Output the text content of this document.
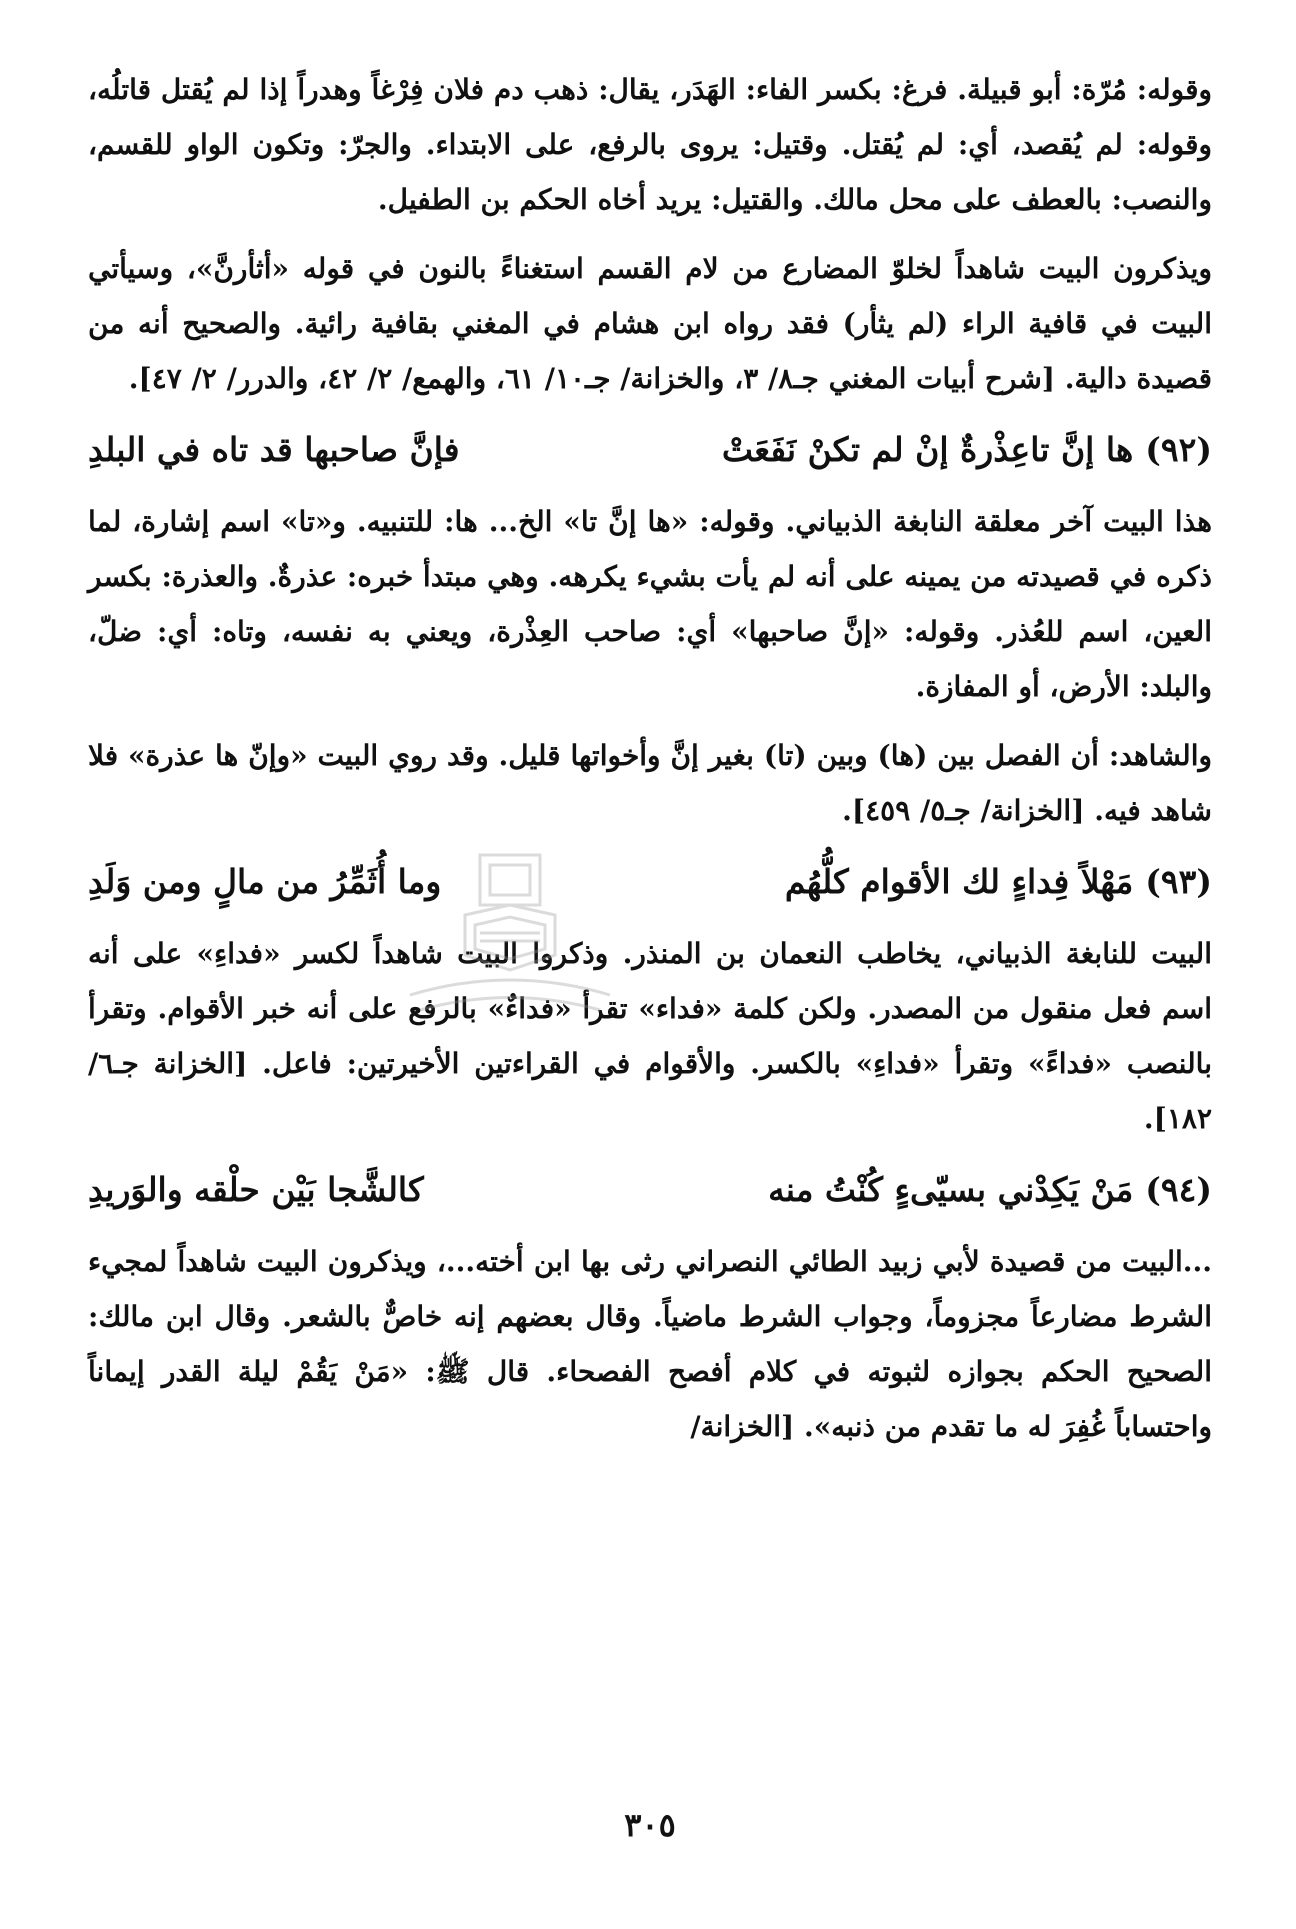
وقوله: مُرّة: أبو قبيلة. فرغ: بكسر الفاء: الهَدَر، يقال: ذهب دم فلان فِرْغاً وهدراً إذا لم يُقتل قاتلُه، وقوله: لم يُقصد، أي: لم يُقتل. وقتيل: يروى بالرفع، على الابتداء. والجرّ: وتكون الواو للقسم، والنصب: بالعطف على محل مالك. والقتيل: يريد أخاه الحكم بن الطفيل.

ويذكرون البيت شاهداً لخلوّ المضارع من لام القسم استغناءً بالنون في قوله «أثأرنَّ»، وسيأتي البيت في قافية الراء (لم يثأر) فقد رواه ابن هشام في المغني بقافية رائية. والصحيح أنه من قصيدة دالية. [شرح أبيات المغني جـ٨/ ٣، والخزانة/ جـ١٠/ ٦١، والهمع/ ٢/ ٤٢، والدرر/ ٢/ ٤٧].

(٩٢)
ها إنَّ تاعِذْرةٌ إنْ لم تكنْ نَفَعَتْ
فإنَّ صاحبها قد تاه في البلدِ

هذا البيت آخر معلقة النابغة الذبياني. وقوله: «ها إنَّ تا» الخ... ها: للتنبيه. و«تا» اسم إشارة، لما ذكره في قصيدته من يمينه على أنه لم يأت بشيء يكرهه. وهي مبتدأ خبره: عذرةٌ. والعذرة: بكسر العين، اسم للعُذر. وقوله: «إنَّ صاحبها» أي: صاحب العِذْرة، ويعني به نفسه، وتاه: أي: ضلّ، والبلد: الأرض، أو المفازة.

والشاهد: أن الفصل بين (ها) وبين (تا) بغير إنَّ وأخواتها قليل. وقد روي البيت «وإنّ ها عذرة» فلا شاهد فيه. [الخزانة/ جـ٥/ ٤٥٩].

(٩٣)
مَهْلاً فِداءٍ لك الأقوام كلُّهُم
وما أُثَمِّرُ من مالٍ ومن وَلَدِ

البيت للنابغة الذبياني، يخاطب النعمان بن المنذر. وذكروا البيت شاهداً لكسر «فداءِ» على أنه اسم فعل منقول من المصدر. ولكن كلمة «فداء» تقرأ «فداءٌ» بالرفع على أنه خبر الأقوام. وتقرأ بالنصب «فداءً» وتقرأ «فداءِ» بالكسر. والأقوام في القراءتين الأخيرتين: فاعل. [الخزانة جـ٦/ ١٨٢].

(٩٤)
مَنْ يَكِدْني بسيّىءٍ كُنْتُ منه
كالشَّجا بَيْن حلْقه والوَريدِ

...البيت من قصيدة لأبي زبيد الطائي النصراني رثى بها ابن أخته...، ويذكرون البيت شاهداً لمجيء الشرط مضارعاً مجزوماً، وجواب الشرط ماضياً. وقال بعضهم إنه خاصٌّ بالشعر. وقال ابن مالك: الصحيح الحكم بجوازه لثبوته في كلام أفصح الفصحاء. قال ﷺ: «مَنْ يَقُمْ ليلة القدر إيماناً واحتساباً غُفِرَ له ما تقدم من ذنبه». [الخزانة/

٣٠٥
